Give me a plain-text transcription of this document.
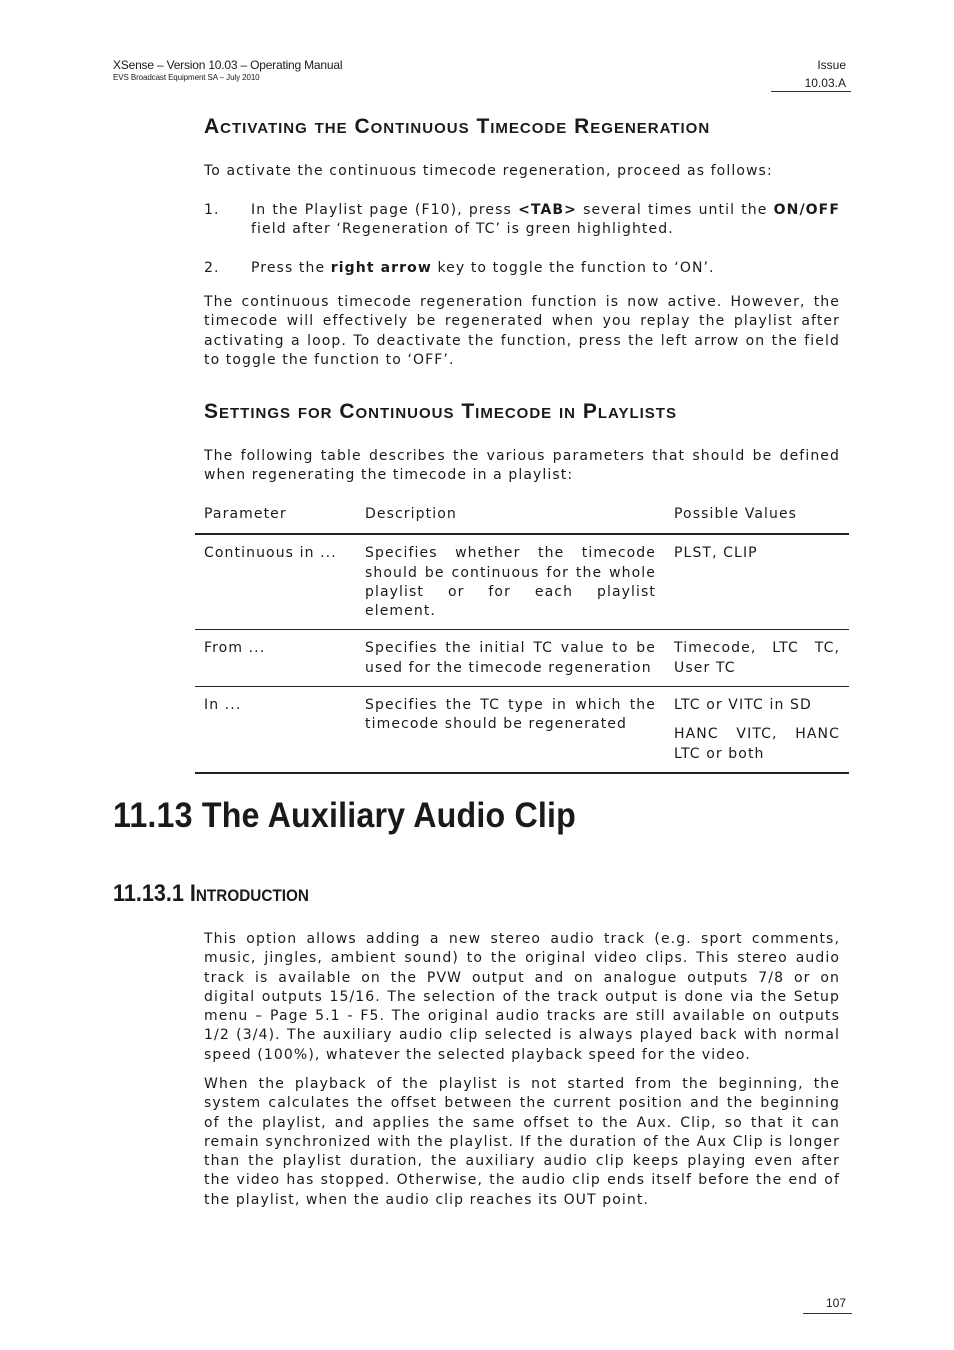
XSense – Version 10.03 – Operating Manual
EVS Broadcast Equipment SA – July 2010
Issue
10.03.A
Activating the Continuous Timecode Regeneration
To activate the continuous timecode regeneration, proceed as follows:
1. In the Playlist page (F10), press <TAB> several times until the ON/OFF field after ‘Regeneration of TC’ is green highlighted.
2. Press the right arrow key to toggle the function to ‘ON’.
The continuous timecode regeneration function is now active. However, the timecode will effectively be regenerated when you replay the playlist after activating a loop. To deactivate the function, press the left arrow on the field to toggle the function to ‘OFF’.
Settings for Continuous Timecode in Playlists
The following table describes the various parameters that should be defined when regenerating the timecode in a playlist:
Parameter	Description	Possible Values
Continuous in ...	Specifies whether the timecode should be continuous for the whole playlist or for each playlist element.	PLST, CLIP
From ...	Specifies the initial TC value to be used for the timecode regeneration	Timecode, LTC TC, User TC
In ...	Specifies the TC type in which the timecode should be regenerated	LTC or VITC in SD
HANC VITC, HANC LTC or both
11.13 The Auxiliary Audio Clip
11.13.1 Introduction
This option allows adding a new stereo audio track (e.g. sport comments, music, jingles, ambient sound) to the original video clips. This stereo audio track is available on the PVW output and on analogue outputs 7/8 or on digital outputs 15/16. The selection of the track output is done via the Setup menu – Page 5.1 - F5. The original audio tracks are still available on outputs 1/2 (3/4). The auxiliary audio clip selected is always played back with normal speed (100%), whatever the selected playback speed for the video.
When the playback of the playlist is not started from the beginning, the system calculates the offset between the current position and the beginning of the playlist, and applies the same offset to the Aux. Clip, so that it can remain synchronized with the playlist. If the duration of the Aux Clip is longer than the playlist duration, the auxiliary audio clip keeps playing even after the video has stopped. Otherwise, the audio clip ends itself before the end of the playlist, when the audio clip reaches its OUT point.
107
